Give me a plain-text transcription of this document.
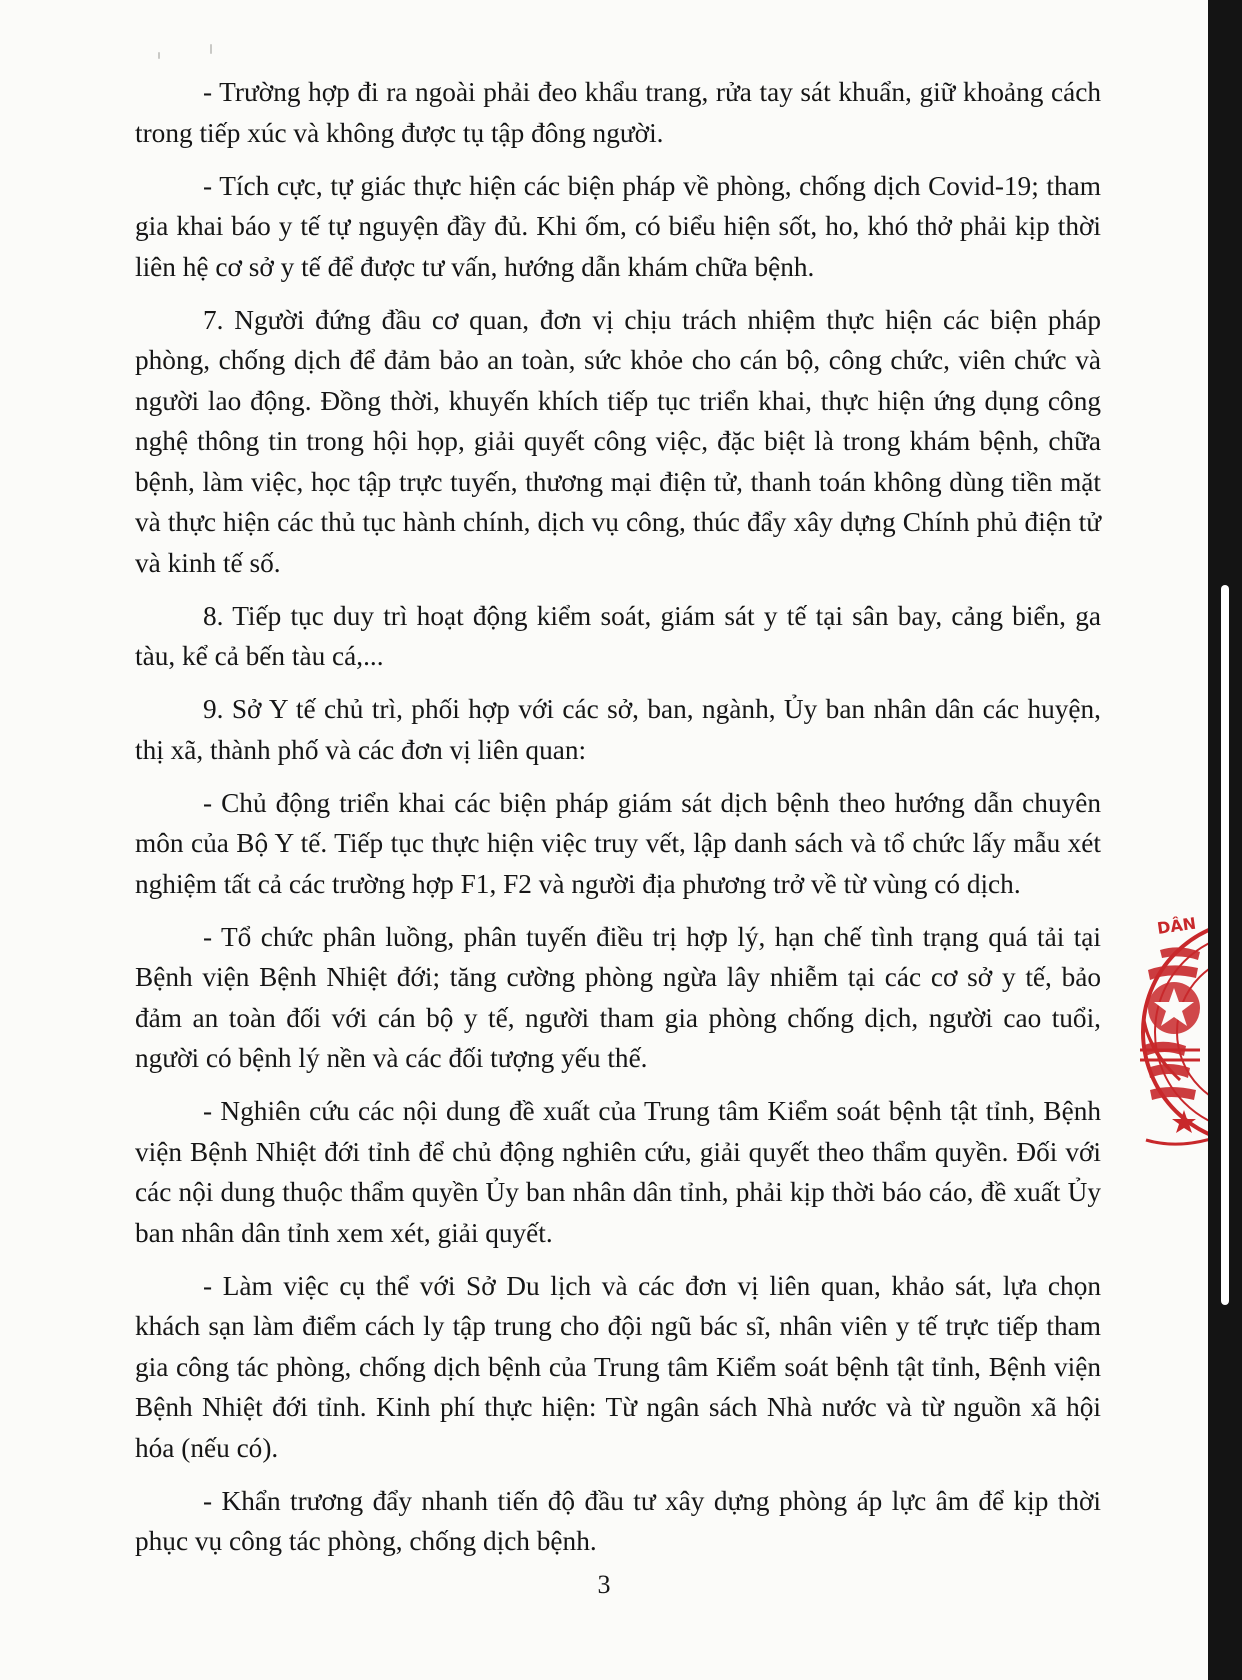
- Trường hợp đi ra ngoài phải đeo khẩu trang, rửa tay sát khuẩn, giữ khoảng cách trong tiếp xúc và không được tụ tập đông người.

- Tích cực, tự giác thực hiện các biện pháp về phòng, chống dịch Covid-19; tham gia khai báo y tế tự nguyện đầy đủ. Khi ốm, có biểu hiện sốt, ho, khó thở phải kịp thời liên hệ cơ sở y tế để được tư vấn, hướng dẫn khám chữa bệnh.

7. Người đứng đầu cơ quan, đơn vị chịu trách nhiệm thực hiện các biện pháp phòng, chống dịch để đảm bảo an toàn, sức khỏe cho cán bộ, công chức, viên chức và người lao động. Đồng thời, khuyến khích tiếp tục triển khai, thực hiện ứng dụng công nghệ thông tin trong hội họp, giải quyết công việc, đặc biệt là trong khám bệnh, chữa bệnh, làm việc, học tập trực tuyến, thương mại điện tử, thanh toán không dùng tiền mặt và thực hiện các thủ tục hành chính, dịch vụ công, thúc đẩy xây dựng Chính phủ điện tử và kinh tế số.

8. Tiếp tục duy trì hoạt động kiểm soát, giám sát y tế tại sân bay, cảng biển, ga tàu, kể cả bến tàu cá,...

9. Sở Y tế chủ trì, phối hợp với các sở, ban, ngành, Ủy ban nhân dân các huyện, thị xã, thành phố và các đơn vị liên quan:

- Chủ động triển khai các biện pháp giám sát dịch bệnh theo hướng dẫn chuyên môn của Bộ Y tế. Tiếp tục thực hiện việc truy vết, lập danh sách và tổ chức lấy mẫu xét nghiệm tất cả các trường hợp F1, F2 và người địa phương trở về từ vùng có dịch.

- Tổ chức phân luồng, phân tuyến điều trị hợp lý, hạn chế tình trạng quá tải tại Bệnh viện Bệnh Nhiệt đới; tăng cường phòng ngừa lây nhiễm tại các cơ sở y tế, bảo đảm an toàn đối với cán bộ y tế, người tham gia phòng chống dịch, người cao tuổi, người có bệnh lý nền và các đối tượng yếu thế.

- Nghiên cứu các nội dung đề xuất của Trung tâm Kiểm soát bệnh tật tỉnh, Bệnh viện Bệnh Nhiệt đới tỉnh để chủ động nghiên cứu, giải quyết theo thẩm quyền. Đối với các nội dung thuộc thẩm quyền Ủy ban nhân dân tỉnh, phải kịp thời báo cáo, đề xuất Ủy ban nhân dân tỉnh xem xét, giải quyết.

- Làm việc cụ thể với Sở Du lịch và các đơn vị liên quan, khảo sát, lựa chọn khách sạn làm điểm cách ly tập trung cho đội ngũ bác sĩ, nhân viên y tế trực tiếp tham gia công tác phòng, chống dịch bệnh của Trung tâm Kiểm soát bệnh tật tỉnh, Bệnh viện Bệnh Nhiệt đới tỉnh. Kinh phí thực hiện: Từ ngân sách Nhà nước và từ nguồn xã hội hóa (nếu có).

- Khẩn trương đẩy nhanh tiến độ đầu tư xây dựng phòng áp lực âm để kịp thời phục vụ công tác phòng, chống dịch bệnh.

3
DÂN
